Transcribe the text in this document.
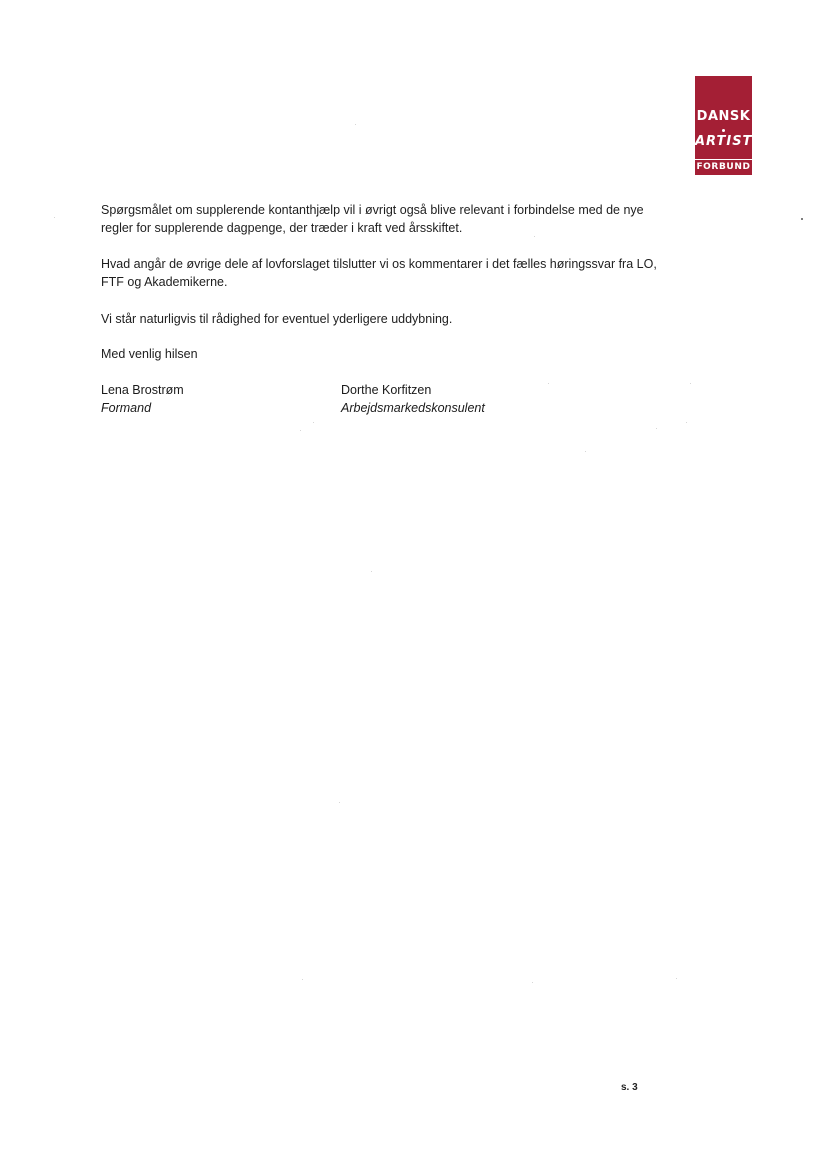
DANSK
ARTIST
FORBUND

Spørgsmålet om supplerende kontanthjælp vil i øvrigt også blive relevant i forbindelse med de nye regler for supplerende dagpenge, der træder i kraft ved årsskiftet.

Hvad angår de øvrige dele af lovforslaget tilslutter vi os kommentarer i det fælles høringssvar fra LO, FTF og Akademikerne.

Vi står naturligvis til rådighed for eventuel yderligere uddybning.

Med venlig hilsen

Lena Brostrøm
Formand
Dorthe Korfitzen
Arbejdsmarkedskonsulent
s. 3
